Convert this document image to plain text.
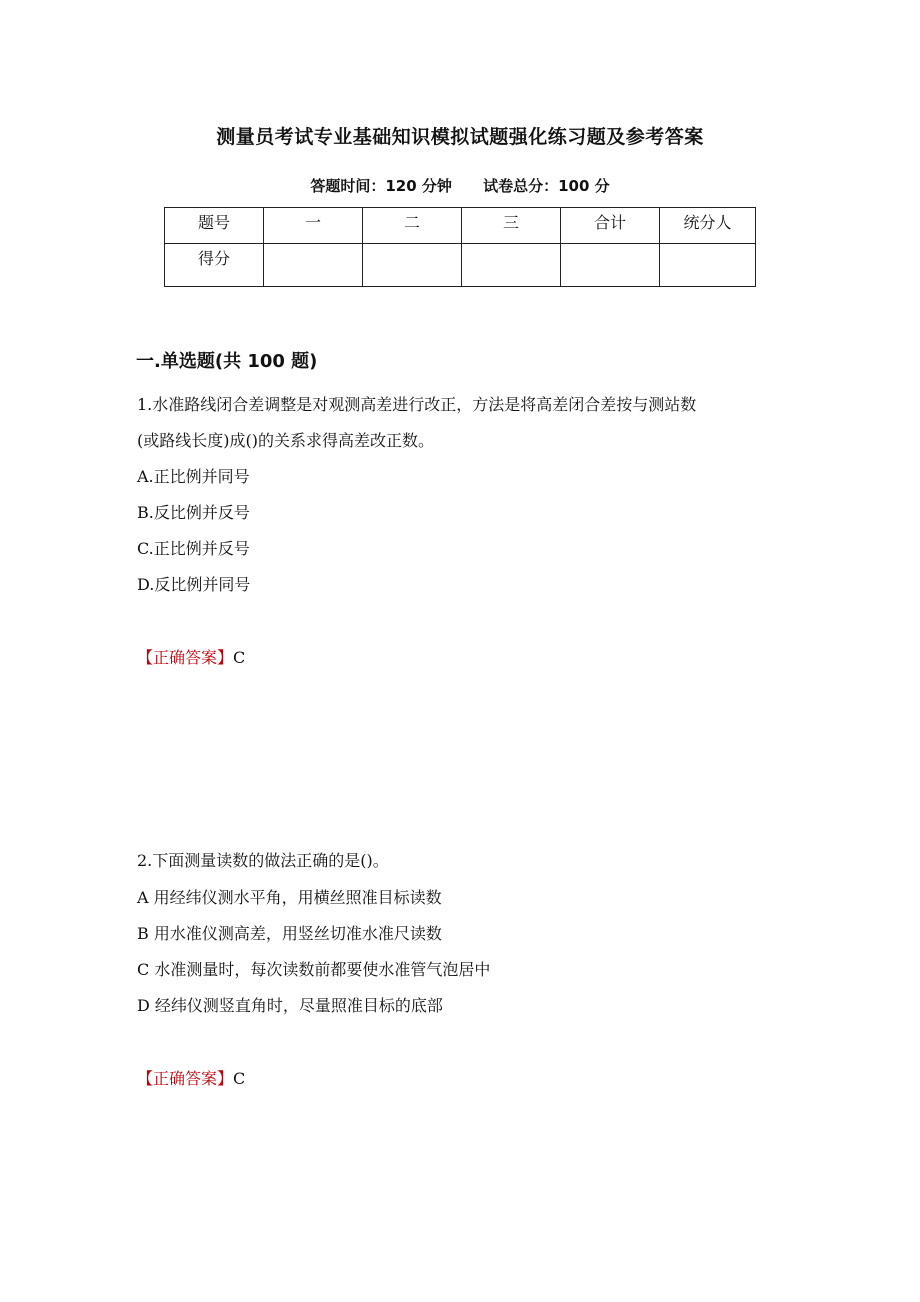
测量员考试专业基础知识模拟试题强化练习题及参考答案
答题时间：120 分钟 试卷总分：100 分
题号	一	二	三	合计	统分人
得分					
一.单选题(共 100 题)
1.水准路线闭合差调整是对观测高差进行改正，方法是将高差闭合差按与测站数
(或路线长度)成()的关系求得高差改正数。
A.正比例并同号
B.反比例并反号
C.正比例并反号
D.反比例并同号
【正确答案】C
2.下面测量读数的做法正确的是()。
A 用经纬仪测水平角，用横丝照准目标读数
B 用水准仪测高差，用竖丝切准水准尺读数
C 水准测量时，每次读数前都要使水准管气泡居中
D 经纬仪测竖直角时，尽量照准目标的底部
【正确答案】C
